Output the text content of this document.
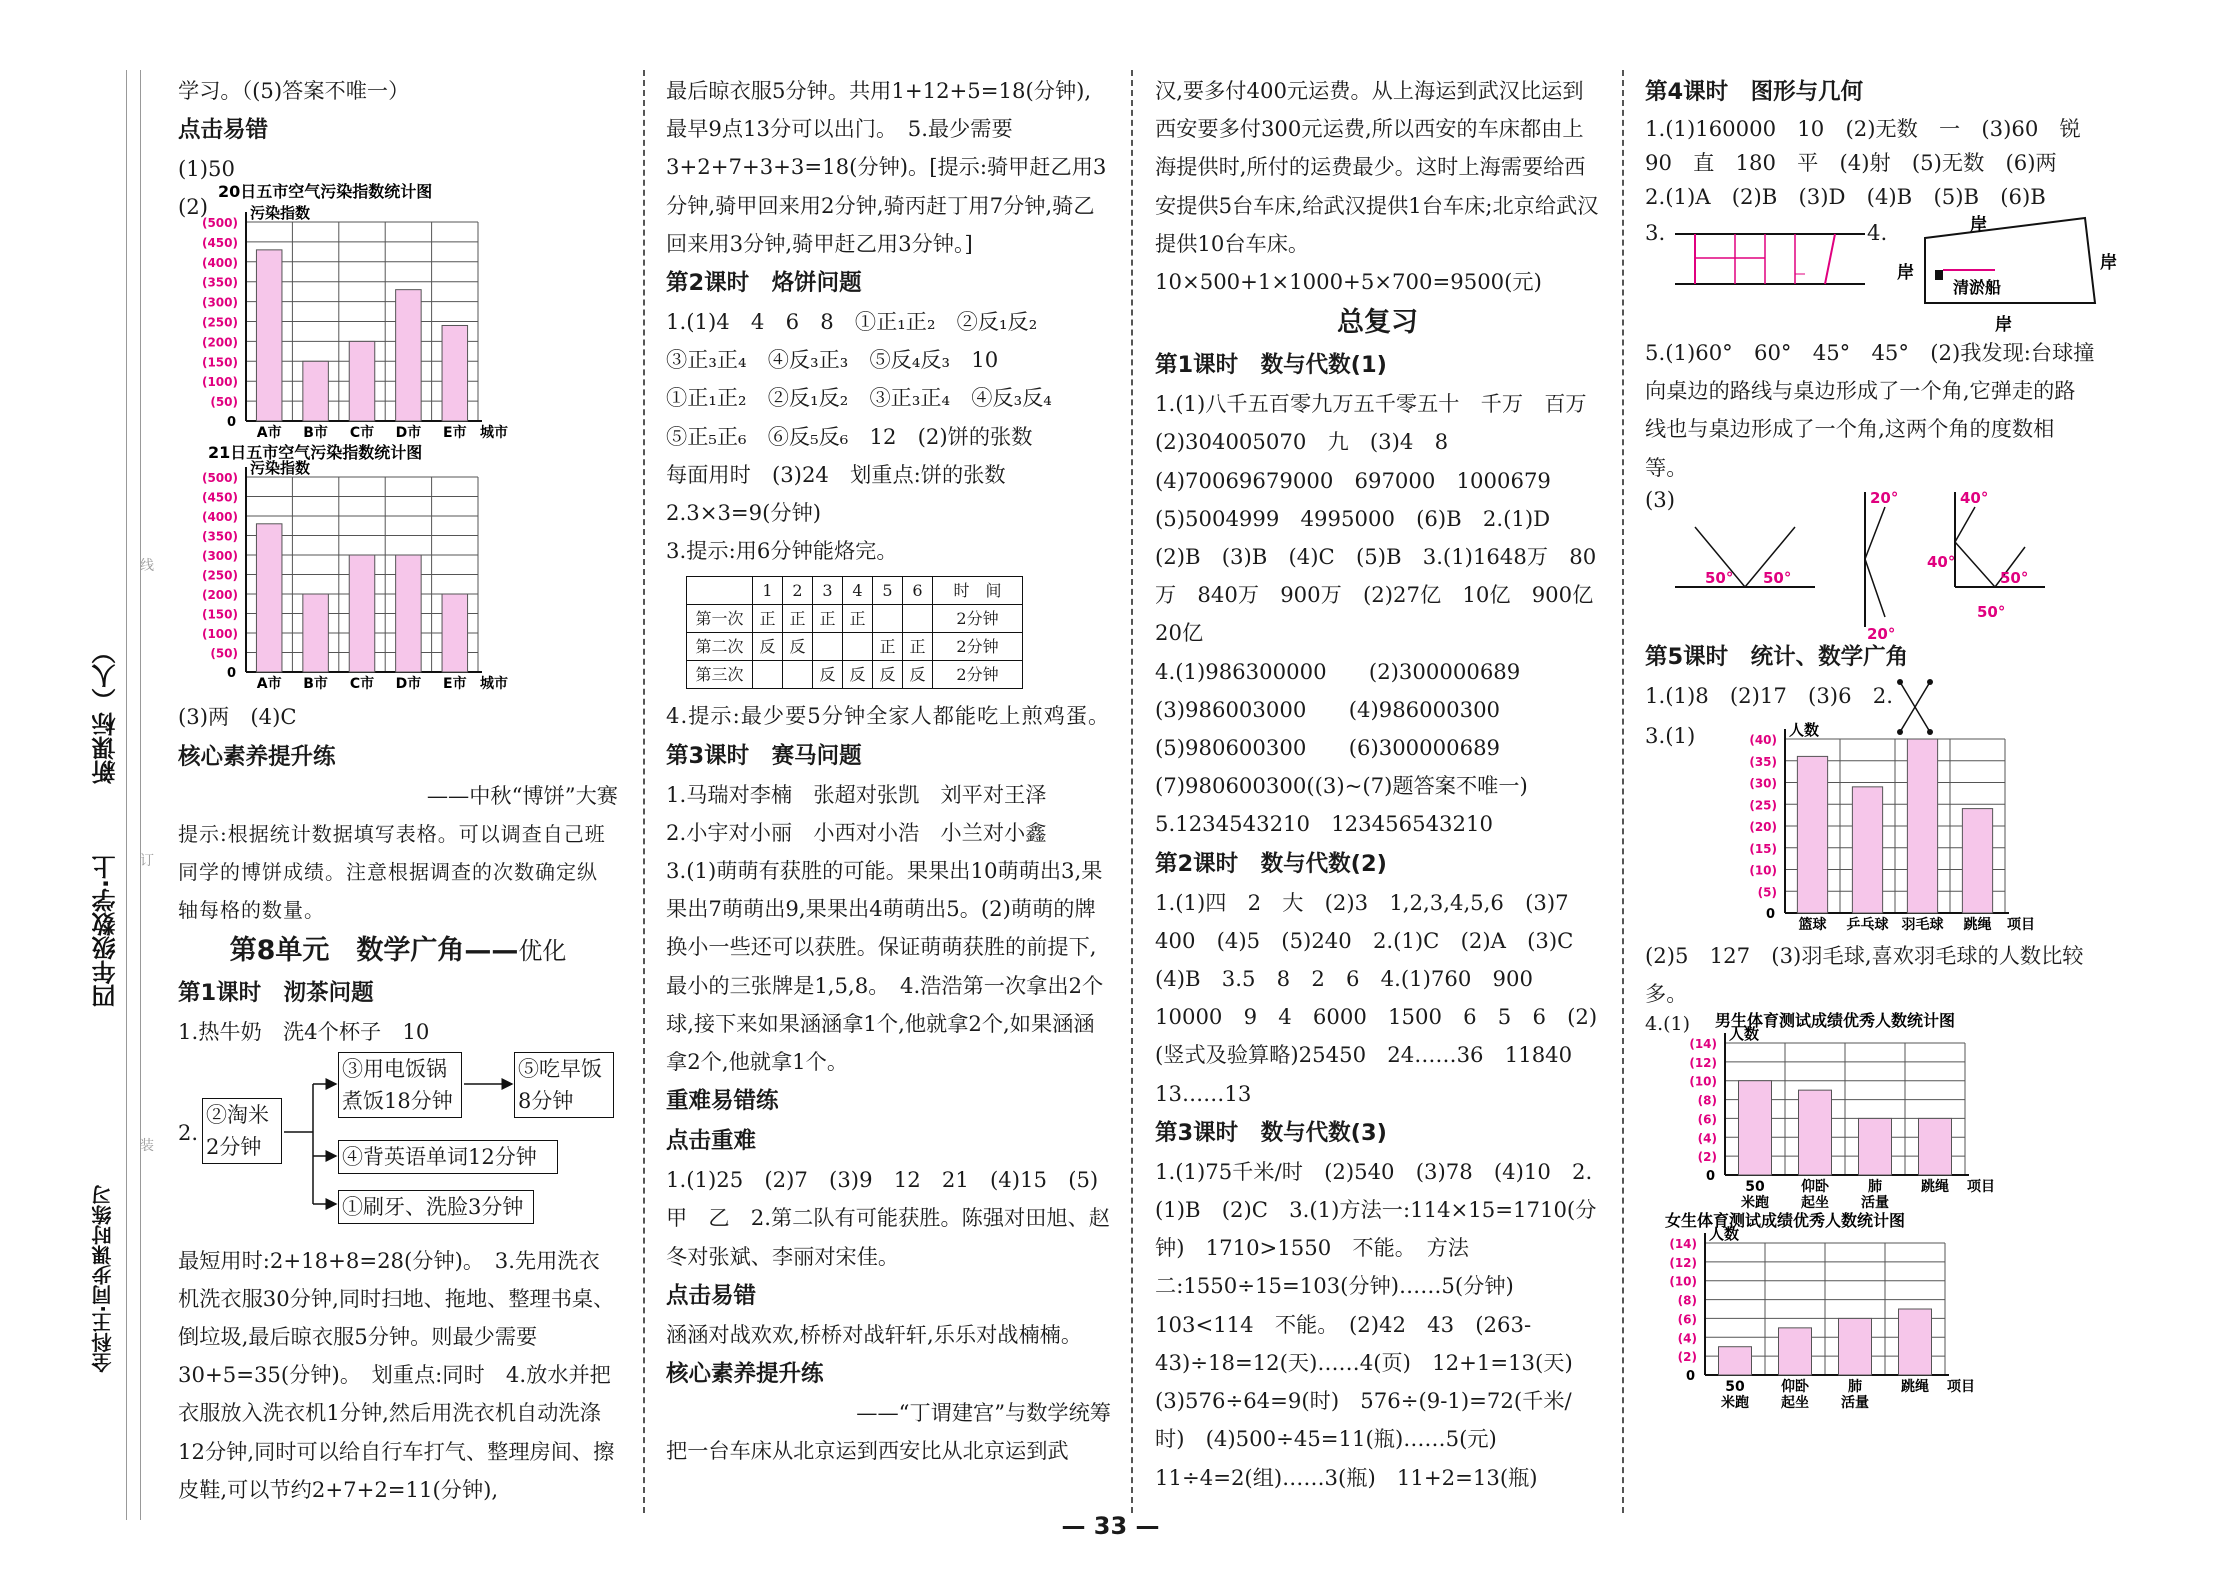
全科王·同步课时练习
四年级数学·上
新课标（人）
线
订
装

学习。（(5)答案不唯一）

点击易错

(1)50

(2)
20日五市空气污染指数统计图
污染指数
0
(50)
(100)
(150)
(200)
(250)
(300)
(350)
(400)
(450)
(500)
A市 B市 C市 D市 E市 城市
21日五市空气污染指数统计图
污染指数
0
(50)
(100)
(150)
(200)
(250)
(300)
(350)
(400)
(450)
(500)
A市 B市 C市 D市 E市 城市

(3)两　(4)C

核心素养提升练

——中秋“博饼”大赛

提示:根据统计数据填写表格。可以调查自己班同学的博饼成绩。注意根据调查的次数确定纵轴每格的数量。

第8单元　数学广角——优化

第1课时　沏茶问题

1.热牛奶　洗4个杯子　10

2.
②淘米
2分钟
③用电饭锅
煮饭18分钟
⑤吃早饭
8分钟
④背英语单词12分钟
①刷牙、洗脸3分钟

最短用时:2+18+8=28(分钟)。　3.先用洗衣机洗衣服30分钟,同时扫地、拖地、整理书桌、倒垃圾,最后晾衣服5分钟。则最少需要30+5=35(分钟)。　划重点:同时　4.放水并把衣服放入洗衣机1分钟,然后用洗衣机自动洗涤12分钟,同时可以给自行车打气、整理房间、擦皮鞋,可以节约2+7+2=11(分钟),

最后晾衣服5分钟。共用1+12+5=18(分钟),最早9点13分可以出门。　5.最少需要3+2+7+3+3=18(分钟)。[提示:骑甲赶乙用3分钟,骑甲回来用2分钟,骑丙赶丁用7分钟,骑乙回来用3分钟,骑甲赶乙用3分钟。]

第2课时　烙饼问题

1.(1)4　4　6　8　①正₁正₂　②反₁反₂

③正₃正₄　④反₃正₃　⑤反₄反₃　10

①正₁正₂　②反₁反₂　③正₃正₄　④反₃反₄

⑤正₅正₆　⑥反₅反₆　12　(2)饼的张数

每面用时　(3)24　划重点:饼的张数　2.3×3=9(分钟)

3.提示:用6分钟能烙完。

	1	2	3	4	5	6	时　间
第一次	正	正	正	正			2分钟
第二次	反	反			正	正	2分钟
第三次			反	反	反	反	2分钟

4.提示:最少要5分钟全家人都能吃上煎鸡蛋。

第3课时　赛马问题

1.马瑞对李楠　张超对张凯　刘平对王泽

2.小宇对小丽　小西对小浩　小兰对小鑫

3.(1)萌萌有获胜的可能。果果出10萌萌出3,果果出7萌萌出9,果果出4萌萌出5。(2)萌萌的牌换小一些还可以获胜。保证萌萌获胜的前提下,最小的三张牌是1,5,8。　4.浩浩第一次拿出2个球,接下来如果涵涵拿1个,他就拿2个,如果涵涵拿2个,他就拿1个。

重难易错练

点击重难

1.(1)25　(2)7　(3)9　12　21　(4)15　(5)甲　乙　2.第二队有可能获胜。陈强对田旭、赵冬对张斌、李丽对宋佳。

点击易错

涵涵对战欢欢,桥桥对战轩轩,乐乐对战楠楠。

核心素养提升练

——“丁谓建宫”与数学统筹

把一台车床从北京运到西安比从北京运到武

汉,要多付400元运费。从上海运到武汉比运到西安要多付300元运费,所以西安的车床都由上海提供时,所付的运费最少。这时上海需要给西安提供5台车床,给武汉提供1台车床;北京给武汉提供10台车床。　10×500+1×1000+5×700=9500(元)

总复习

第1课时　数与代数(1)

1.(1)八千五百零九万五千零五十　千万　百万　(2)304005070　九　(3)4　8　(4)70069679000　697000　1000679　(5)5004999　4995000　(6)B　2.(1)D　(2)B　(3)B　(4)C　(5)B　3.(1)1648万　80万　840万　900万　(2)27亿　10亿　900亿　20亿

4.(1)986300000　　(2)300000689

(3)986003000　　(4)986000300

(5)980600300　　(6)300000689

(7)980600300((3)~(7)题答案不唯一)

5.1234543210　123456543210

第2课时　数与代数(2)

1.(1)四　2　大　(2)3　1,2,3,4,5,6　(3)7　400　(4)5　(5)240　2.(1)C　(2)A　(3)C　(4)B　3.5　8　2　6　4.(1)760　900　10000　9　4　6000　1500　6　5　6　(2)(竖式及验算略)25450　24……36　11840　13……13

第3课时　数与代数(3)

1.(1)75千米/时　(2)540　(3)78　(4)10　2.(1)B　(2)C　3.(1)方法一:114×15=1710(分钟)　1710>1550　不能。　方法二:1550÷15=103(分钟)……5(分钟)　103<114　不能。　(2)42　43　(263-43)÷18=12(天)……4(页)　12+1=13(天)　(3)576÷64=9(时)　576÷(9-1)=72(千米/时)　(4)500÷45=11(瓶)……5(元)　11÷4=2(组)……3(瓶)　11+2=13(瓶)

第4课时　图形与几何

1.(1)160000　10　(2)无数　一　(3)60　锐　90　直　180　平　(4)射　(5)无数　(6)两　2.(1)A　(2)B　(3)D　(4)B　(5)B　(6)B

3.	4.	岸
岸	岸
岸
清淤船

5.(1)60°　60°　45°　45°　(2)我发现:台球撞向桌边的路线与桌边形成了一个角,它弹走的路线也与桌边形成了一个角,这两个角的度数相等。

(3)
50° 50°
20°
20°
40°
40°
50°
50°

第5课时　统计、数学广角

1.(1)8　(2)17　(3)6　2.
3.(1)	人数
0
(5)
(10)
(15)
(20)
(25)
(30)
(35)
(40)
篮球 乒乓球 羽毛球 跳绳 项目

(2)5　127　(3)羽毛球,喜欢羽毛球的人数比较多。

4.(1) 男生体育测试成绩优秀人数统计图
人数
0
(2)
(4)
(6)
(8)
(10)
(12)
(14)
50
米跑
仰卧
起坐
肺
活量
跳绳 项目
女生体育测试成绩优秀人数统计图
人数
0
(2)
(4)
(6)
(8)
(10)
(12)
(14)
50
米跑
仰卧
起坐
肺
活量
跳绳 项目
— 33 —
